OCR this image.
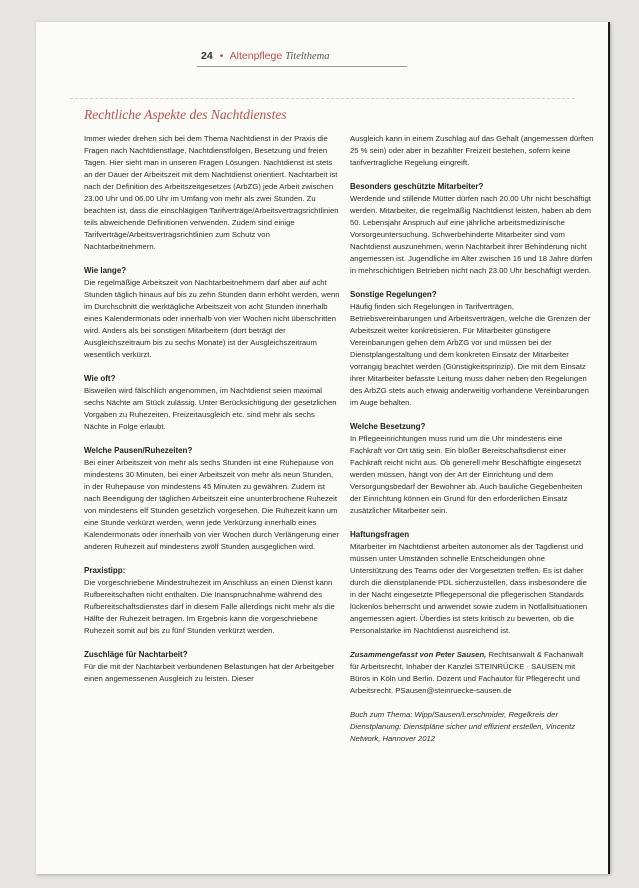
24 • Altenpflege Titelthema
Rechtliche Aspekte des Nachtdienstes

Immer wieder drehen sich bei dem Thema Nachtdienst in der Praxis die Fragen nach Nachtdienstlage, Nachtdienstfolgen, Besetzung und freien Tagen. Hier sieht man in unseren Fragen Lösungen. Nachtdienst ist stets an der Dauer der Arbeitszeit mit dem Nachtdienst orientiert. Nachtarbeit ist nach der Definition des Arbeitszeitgesetzes (ArbZG) jede Arbeit zwischen 23.00 Uhr und 06.00 Uhr im Umfang von mehr als zwei Stunden. Zu beachten ist, dass die einschlägigen Tarifverträge/Arbeitsvertragsrichtlinien teils abweichende Definitionen verwenden. Zudem sind einige Tarifverträge/Arbeitsvertragsrichtlinien zum Schutz von Nachtarbeitnehmern.

Wie lange?

Die regelmäßige Arbeitszeit von Nachtarbeitnehmern darf aber auf acht Stunden täglich hinaus auf bis zu zehn Stunden dann erhöht werden, wenn im Durchschnitt die werktägliche Arbeitszeit von acht Stunden innerhalb eines Kalendermonats oder innerhalb von vier Wochen nicht überschritten wird. Anders als bei sonstigen Mitarbeitern (dort beträgt der Ausgleichszeitraum bis zu sechs Monate) ist der Ausgleichszeitraum wesentlich verkürzt.

Wie oft?

Bisweilen wird fälschlich angenommen, im Nachtdienst seien maximal sechs Nächte am Stück zulässig. Unter Berücksichtigung der gesetzlichen Vorgaben zu Ruhezeiten, Freizeitausgleich etc. sind mehr als sechs Nächte in Folge erlaubt.

Welche Pausen/Ruhezeiten?

Bei einer Arbeitszeit von mehr als sechs Stunden ist eine Ruhepause von mindestens 30 Minuten, bei einer Arbeitszeit von mehr als neun Stunden, in der Ruhepause von mindestens 45 Minuten zu gewähren. Zudem ist nach Beendigung der täglichen Arbeitszeit eine ununterbrochene Ruhezeit von mindestens elf Stunden gesetzlich vorgesehen. Die Ruhezeit kann um eine Stunde verkürzt werden, wenn jede Verkürzung innerhalb eines Kalendermonats oder innerhalb von vier Wochen durch Verlängerung einer anderen Ruhezeit auf mindestens zwölf Stunden ausgeglichen wird.

Praxistipp:

Die vorgeschriebene Mindestruhezeit im Anschluss an einen Dienst kann Rufbereitschaften nicht enthalten. Die Inanspruchnahme während des Rufbereitschaftsdienstes darf in diesem Falle allerdings nicht mehr als die Hälfte der Ruhezeit betragen. Im Ergebnis kann die vorgeschriebene Ruhezeit somit auf bis zu fünf Stunden verkürzt werden.

Zuschläge für Nachtarbeit?

Für die mit der Nachtarbeit verbundenen Belastungen hat der Arbeitgeber einen angemessenen Ausgleich zu leisten. Dieser

Ausgleich kann in einem Zuschlag auf das Gehalt (angemessen dürften 25 % sein) oder aber in bezahlter Freizeit bestehen, sofern keine tarifvertragliche Regelung eingreift.

Besonders geschützte Mitarbeiter?

Werdende und stillende Mütter dürfen nach 20.00 Uhr nicht beschäftigt werden. Mitarbeiter, die regelmäßig Nachtdienst leisten, haben ab dem 50. Lebensjahr Anspruch auf eine jährliche arbeitsmedizinische Vorsorgeuntersuchung. Schwerbehinderte Mitarbeiter sind vom Nachtdienst auszunehmen, wenn Nachtarbeit ihrer Behinderung nicht angemessen ist. Jugendliche im Alter zwischen 16 und 18 Jahre dürfen in mehrschichtigen Betrieben nicht nach 23.00 Uhr beschäftigt werden.

Sonstige Regelungen?

Häufig finden sich Regelungen in Tarifverträgen, Betriebsvereinbarungen und Arbeitsverträgen, welche die Grenzen der Arbeitszeit weiter konkretisieren. Für Mitarbeiter günstigere Vereinbarungen gehen dem ArbZG vor und müssen bei der Dienstplangestaltung und dem konkreten Einsatz der Mitarbeiter vorrangig beachtet werden (Günstigkeitsprinzip). Die mit dem Einsatz ihrer Mitarbeiter befasste Leitung muss daher neben den Regelungen des ArbZG stets auch etwaig anderweitig vorhandene Vereinbarungen im Auge behalten.

Welche Besetzung?

In Pflegeeinrichtungen muss rund um die Uhr mindestens eine Fachkraft vor Ort tätig sein. Ein bloßer Bereitschaftsdienst einer Fachkraft reicht nicht aus. Ob generell mehr Beschäftigte eingesetzt werden müssen, hängt von der Art der Einrichtung und dem Versorgungsbedarf der Bewohner ab. Auch bauliche Gegebenheiten der Einrichtung können ein Grund für den erforderlichen Einsatz zusätzlicher Mitarbeiter sein.

Haftungsfragen

Mitarbeiter im Nachtdienst arbeiten autonomer als der Tagdienst und müssen unter Umständen schnelle Entscheidungen ohne Unterstützung des Teams oder der Vorgesetzten treffen. Es ist daher durch die dienstplanende PDL sicherzustellen, dass insbesondere die in der Nacht eingesetzte Pflegepersonal die pflegerischen Standards lückenlos beherrscht und anwendet sowie zudem in Notfallsituationen angemessen agiert. Überdies ist stets kritisch zu bewerten, ob die Personalstärke im Nachtdienst ausreichend ist.

Zusammengefasst von Peter Sausen, Rechtsanwalt & Fachanwalt für Arbeitsrecht, Inhaber der Kanzlei STEINRÜCKE · SAUSEN mit Büros in Köln und Berlin. Dozent und Fachautor für Pflegerecht und Arbeitsrecht. PSausen@steinruecke-sausen.de

Buch zum Thema: Wipp/Sausen/Lerschmider, Regelkreis der Dienstplanung: Dienstpläne sicher und effizient erstellen, Vincentz Network, Hannover 2012
